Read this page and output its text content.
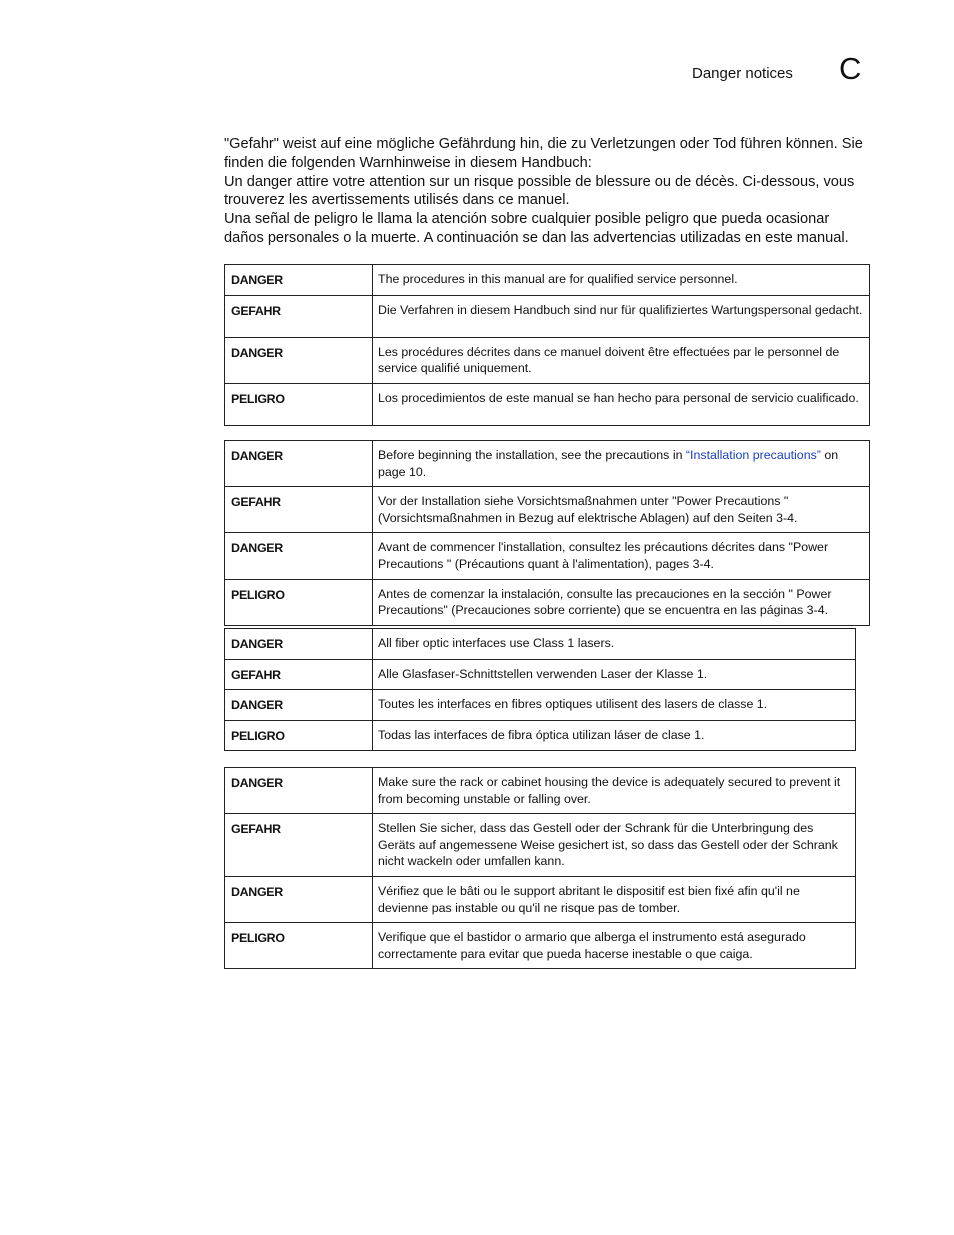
Danger notices C

"Gefahr" weist auf eine mögliche Gefährdung hin, die zu Verletzungen oder Tod führen können. Sie finden die folgenden Warnhinweise in diesem Handbuch:

Un danger attire votre attention sur un risque possible de blessure ou de décès. Ci-dessous, vous trouverez les avertissements utilisés dans ce manuel.

Una señal de peligro le llama la atención sobre cualquier posible peligro que pueda ocasionar daños personales o la muerte. A continuación se dan las advertencias utilizadas en este manual.

DANGER	The procedures in this manual are for qualified service personnel.
GEFAHR	Die Verfahren in diesem Handbuch sind nur für qualifiziertes Wartungspersonal gedacht.
DANGER	Les procédures décrites dans ce manuel doivent être effectuées par le personnel de service qualifié uniquement.
PELIGRO	Los procedimientos de este manual se han hecho para personal de servicio cualificado.
DANGER	Before beginning the installation, see the precautions in “Installation precautions” on page 10.
GEFAHR	Vor der Installation siehe Vorsichtsmaßnahmen unter "Power Precautions " (Vorsichtsmaßnahmen in Bezug auf elektrische Ablagen) auf den Seiten 3-4.
DANGER	Avant de commencer l'installation, consultez les précautions décrites dans "Power Precautions " (Précautions quant à l'alimentation), pages 3-4.
PELIGRO	Antes de comenzar la instalación, consulte las precauciones en la sección " Power Precautions" (Precauciones sobre corriente) que se encuentra en las páginas 3-4.
DANGER	All fiber optic interfaces use Class 1 lasers.
GEFAHR	Alle Glasfaser-Schnittstellen verwenden Laser der Klasse 1.
DANGER	Toutes les interfaces en fibres optiques utilisent des lasers de classe 1.
PELIGRO	Todas las interfaces de fibra óptica utilizan láser de clase 1.
DANGER	Make sure the rack or cabinet housing the device is adequately secured to prevent it from becoming unstable or falling over.
GEFAHR	Stellen Sie sicher, dass das Gestell oder der Schrank für die Unterbringung des Geräts auf angemessene Weise gesichert ist, so dass das Gestell oder der Schrank nicht wackeln oder umfallen kann.
DANGER	Vérifiez que le bâti ou le support abritant le dispositif est bien fixé afin qu'il ne devienne pas instable ou qu'il ne risque pas de tomber.
PELIGRO	Verifique que el bastidor o armario que alberga el instrumento está asegurado correctamente para evitar que pueda hacerse inestable o que caiga.
